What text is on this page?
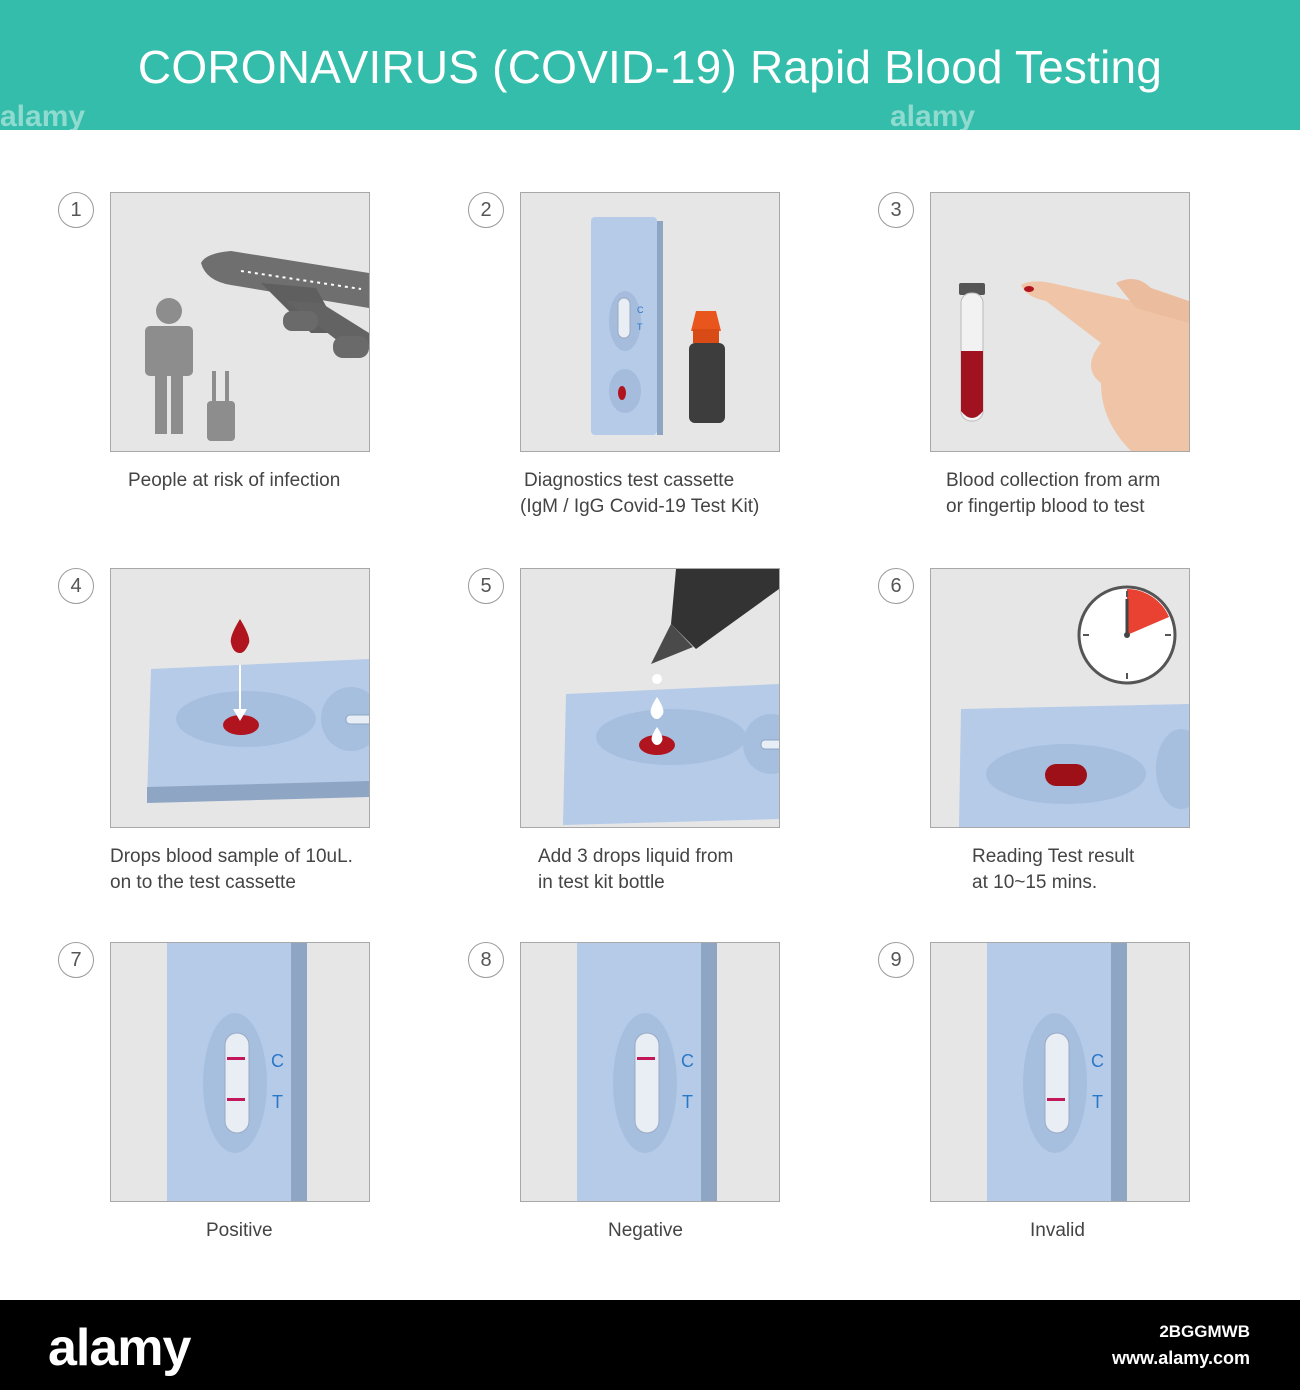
CORONAVIRUS (COVID-19) Rapid Blood Testing
alamy	alamy
1
People at risk of infection
2
C
T
Diagnostics test cassette
(IgM / IgG Covid-19 Test Kit)
3
Blood collection from arm
or fingertip blood to test
4
Drops blood sample of 10uL.
on to the test cassette
5
Add 3 drops liquid from
in test kit bottle
6
Reading Test result
at 10~15 mins.
7
C
T
Positive
8
C
T
Negative
9
C
T
Invalid
alamy	2BGGMWB
www.alamy.com
